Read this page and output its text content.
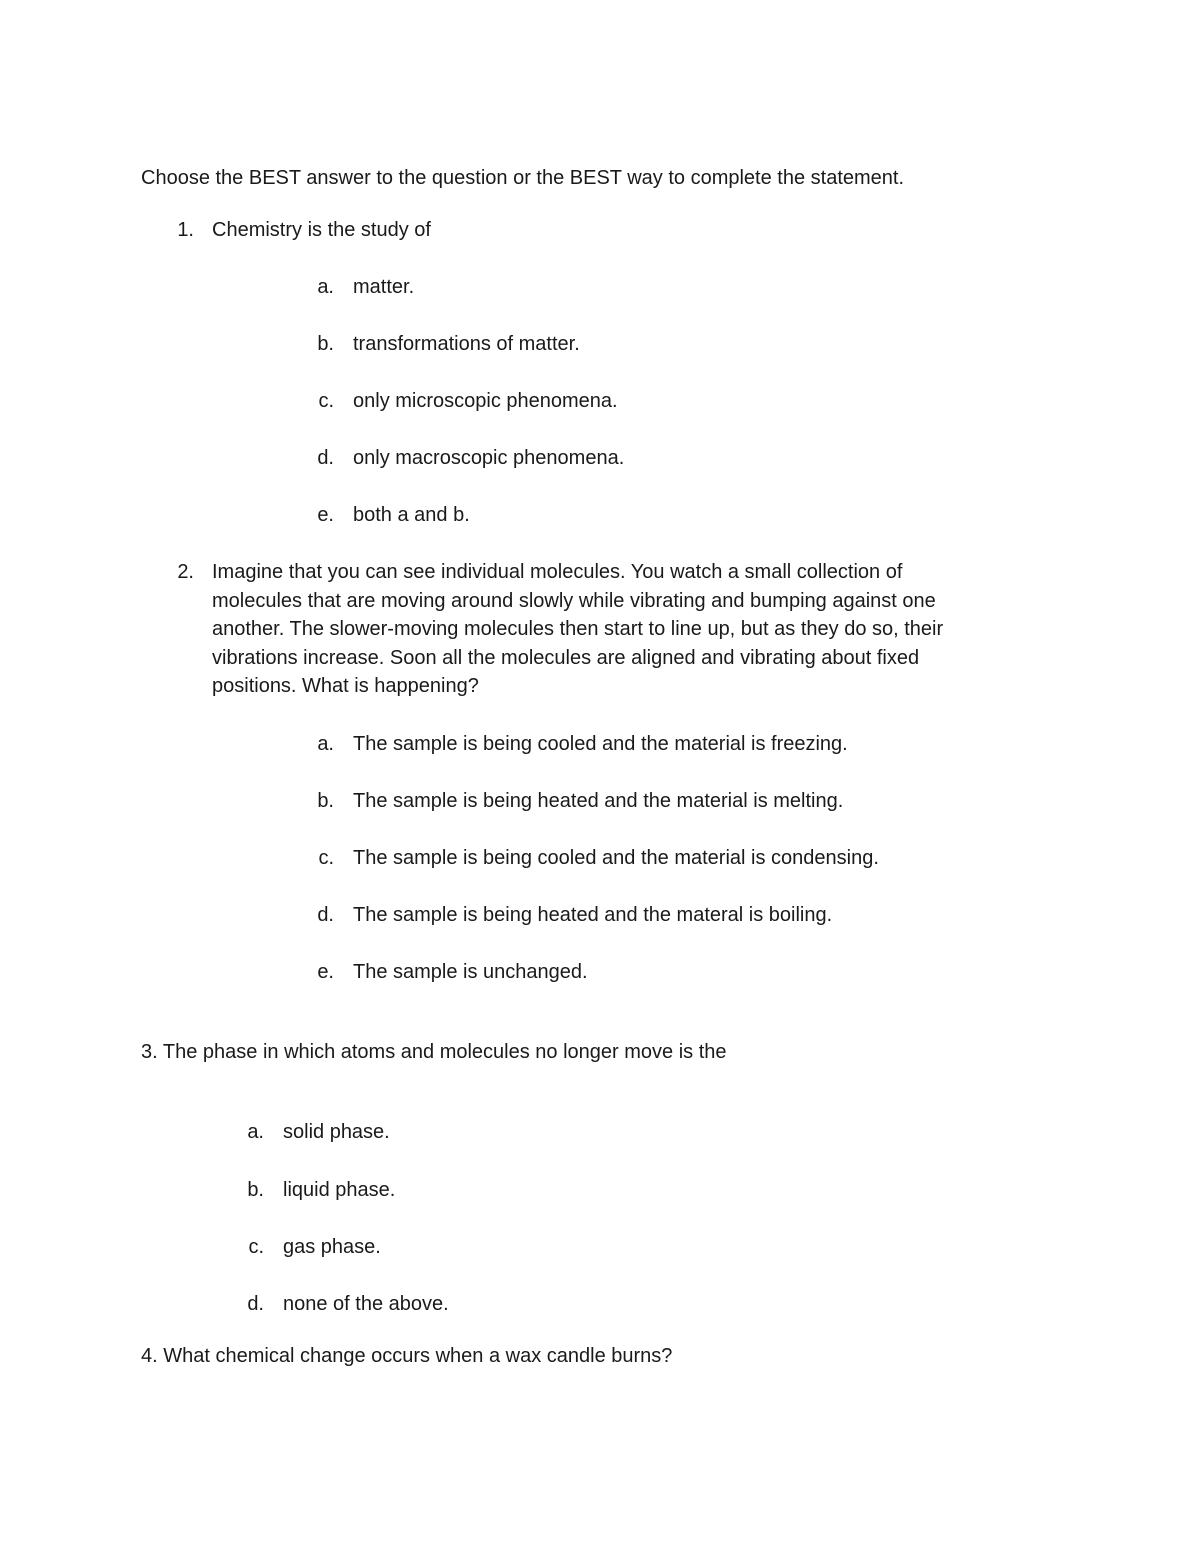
Choose the BEST answer to the question or the BEST way to complete the statement.
1. Chemistry is the study of
a. matter.
b. transformations of matter.
c. only microscopic phenomena.
d. only macroscopic phenomena.
e. both a and b.
2. Imagine that you can see individual molecules. You watch a small collection of
molecules that are moving around slowly while vibrating and bumping against one
another. The slower-moving molecules then start to line up, but as they do so, their
vibrations increase. Soon all the molecules are aligned and vibrating about fixed
positions. What is happening?
a. The sample is being cooled and the material is freezing.
b. The sample is being heated and the material is melting.
c. The sample is being cooled and the material is condensing.
d. The sample is being heated and the materal is boiling.
e. The sample is unchanged.
3. The phase in which atoms and molecules no longer move is the
a. solid phase.
b. liquid phase.
c. gas phase.
d. none of the above.
4. What chemical change occurs when a wax candle burns?
